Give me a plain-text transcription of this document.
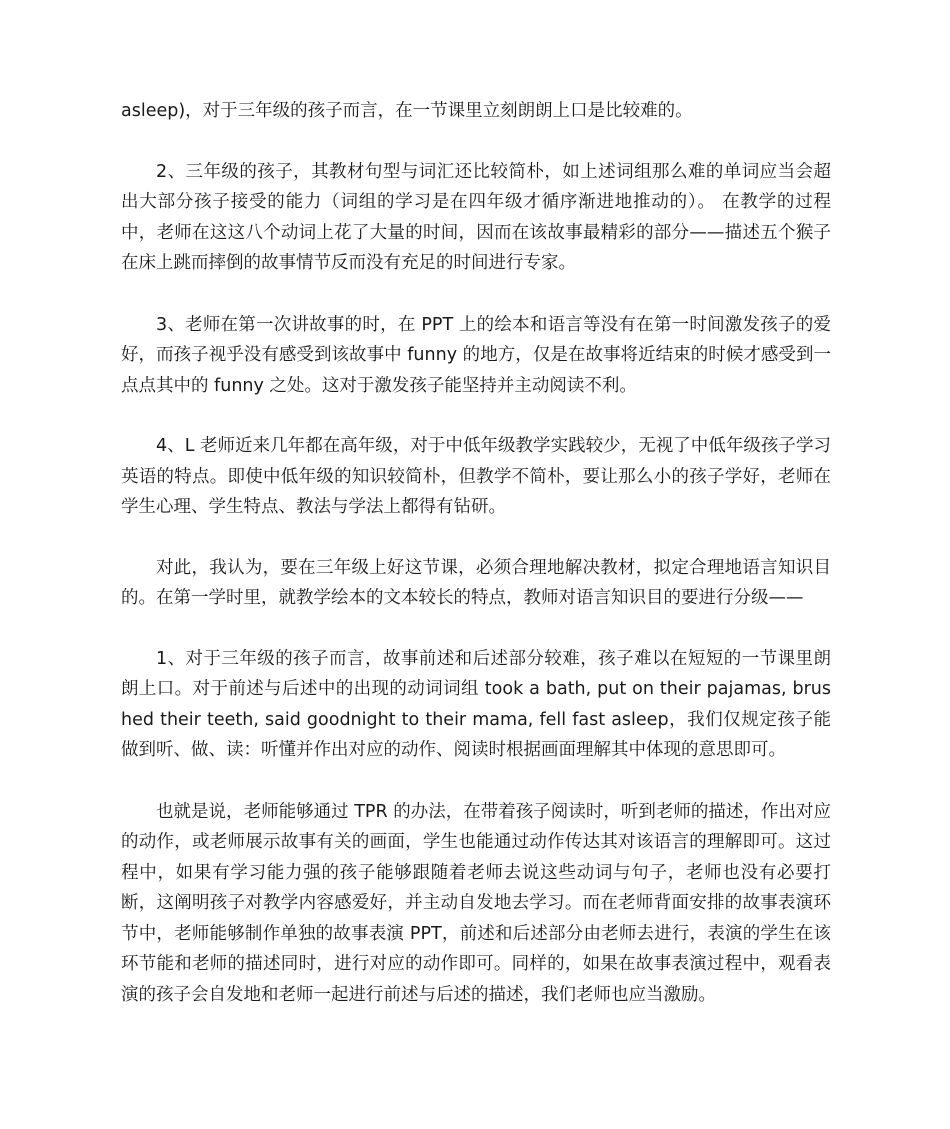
asleep)，对于三年级的孩子而言，在一节课里立刻朗朗上口是比较难的。

2、三年级的孩子，其教材句型与词汇还比较简朴，如上述词组那么难的单词应当会超出大部分孩子接受的能力（词组的学习是在四年级才循序渐进地推动的）。 在教学的过程中，老师在这这八个动词上花了大量的时间，因而在该故事最精彩的部分——描述五个猴子在床上跳而摔倒的故事情节反而没有充足的时间进行专家。

3、老师在第一次讲故事的时，在 PPT 上的绘本和语言等没有在第一时间激发孩子的爱好，而孩子视乎没有感受到该故事中 funny 的地方，仅是在故事将近结束的时候才感受到一点点其中的 funny 之处。这对于激发孩子能坚持并主动阅读不利。

4、L 老师近来几年都在高年级，对于中低年级教学实践较少，无视了中低年级孩子学习英语的特点。即使中低年级的知识较简朴，但教学不简朴，要让那么小的孩子学好，老师在学生心理、学生特点、教法与学法上都得有钻研。

对此，我认为，要在三年级上好这节课，必须合理地解决教材，拟定合理地语言知识目的。在第一学时里，就教学绘本的文本较长的特点，教师对语言知识目的要进行分级——

1、对于三年级的孩子而言，故事前述和后述部分较难，孩子难以在短短的一节课里朗朗上口。对于前述与后述中的出现的动词词组 took a bath, put on their pajamas, brushed their teeth, said goodnight to their mama, fell fast asleep，我们仅规定孩子能做到听、做、读：听懂并作出对应的动作、阅读时根据画面理解其中体现的意思即可。

也就是说，老师能够通过 TPR 的办法，在带着孩子阅读时，听到老师的描述，作出对应的动作，或老师展示故事有关的画面，学生也能通过动作传达其对该语言的理解即可。这过程中，如果有学习能力强的孩子能够跟随着老师去说这些动词与句子，老师也没有必要打断，这阐明孩子对教学内容感爱好，并主动自发地去学习。而在老师背面安排的故事表演环节中，老师能够制作单独的故事表演 PPT，前述和后述部分由老师去进行，表演的学生在该环节能和老师的描述同时，进行对应的动作即可。同样的，如果在故事表演过程中，观看表演的孩子会自发地和老师一起进行前述与后述的描述，我们老师也应当激励。
